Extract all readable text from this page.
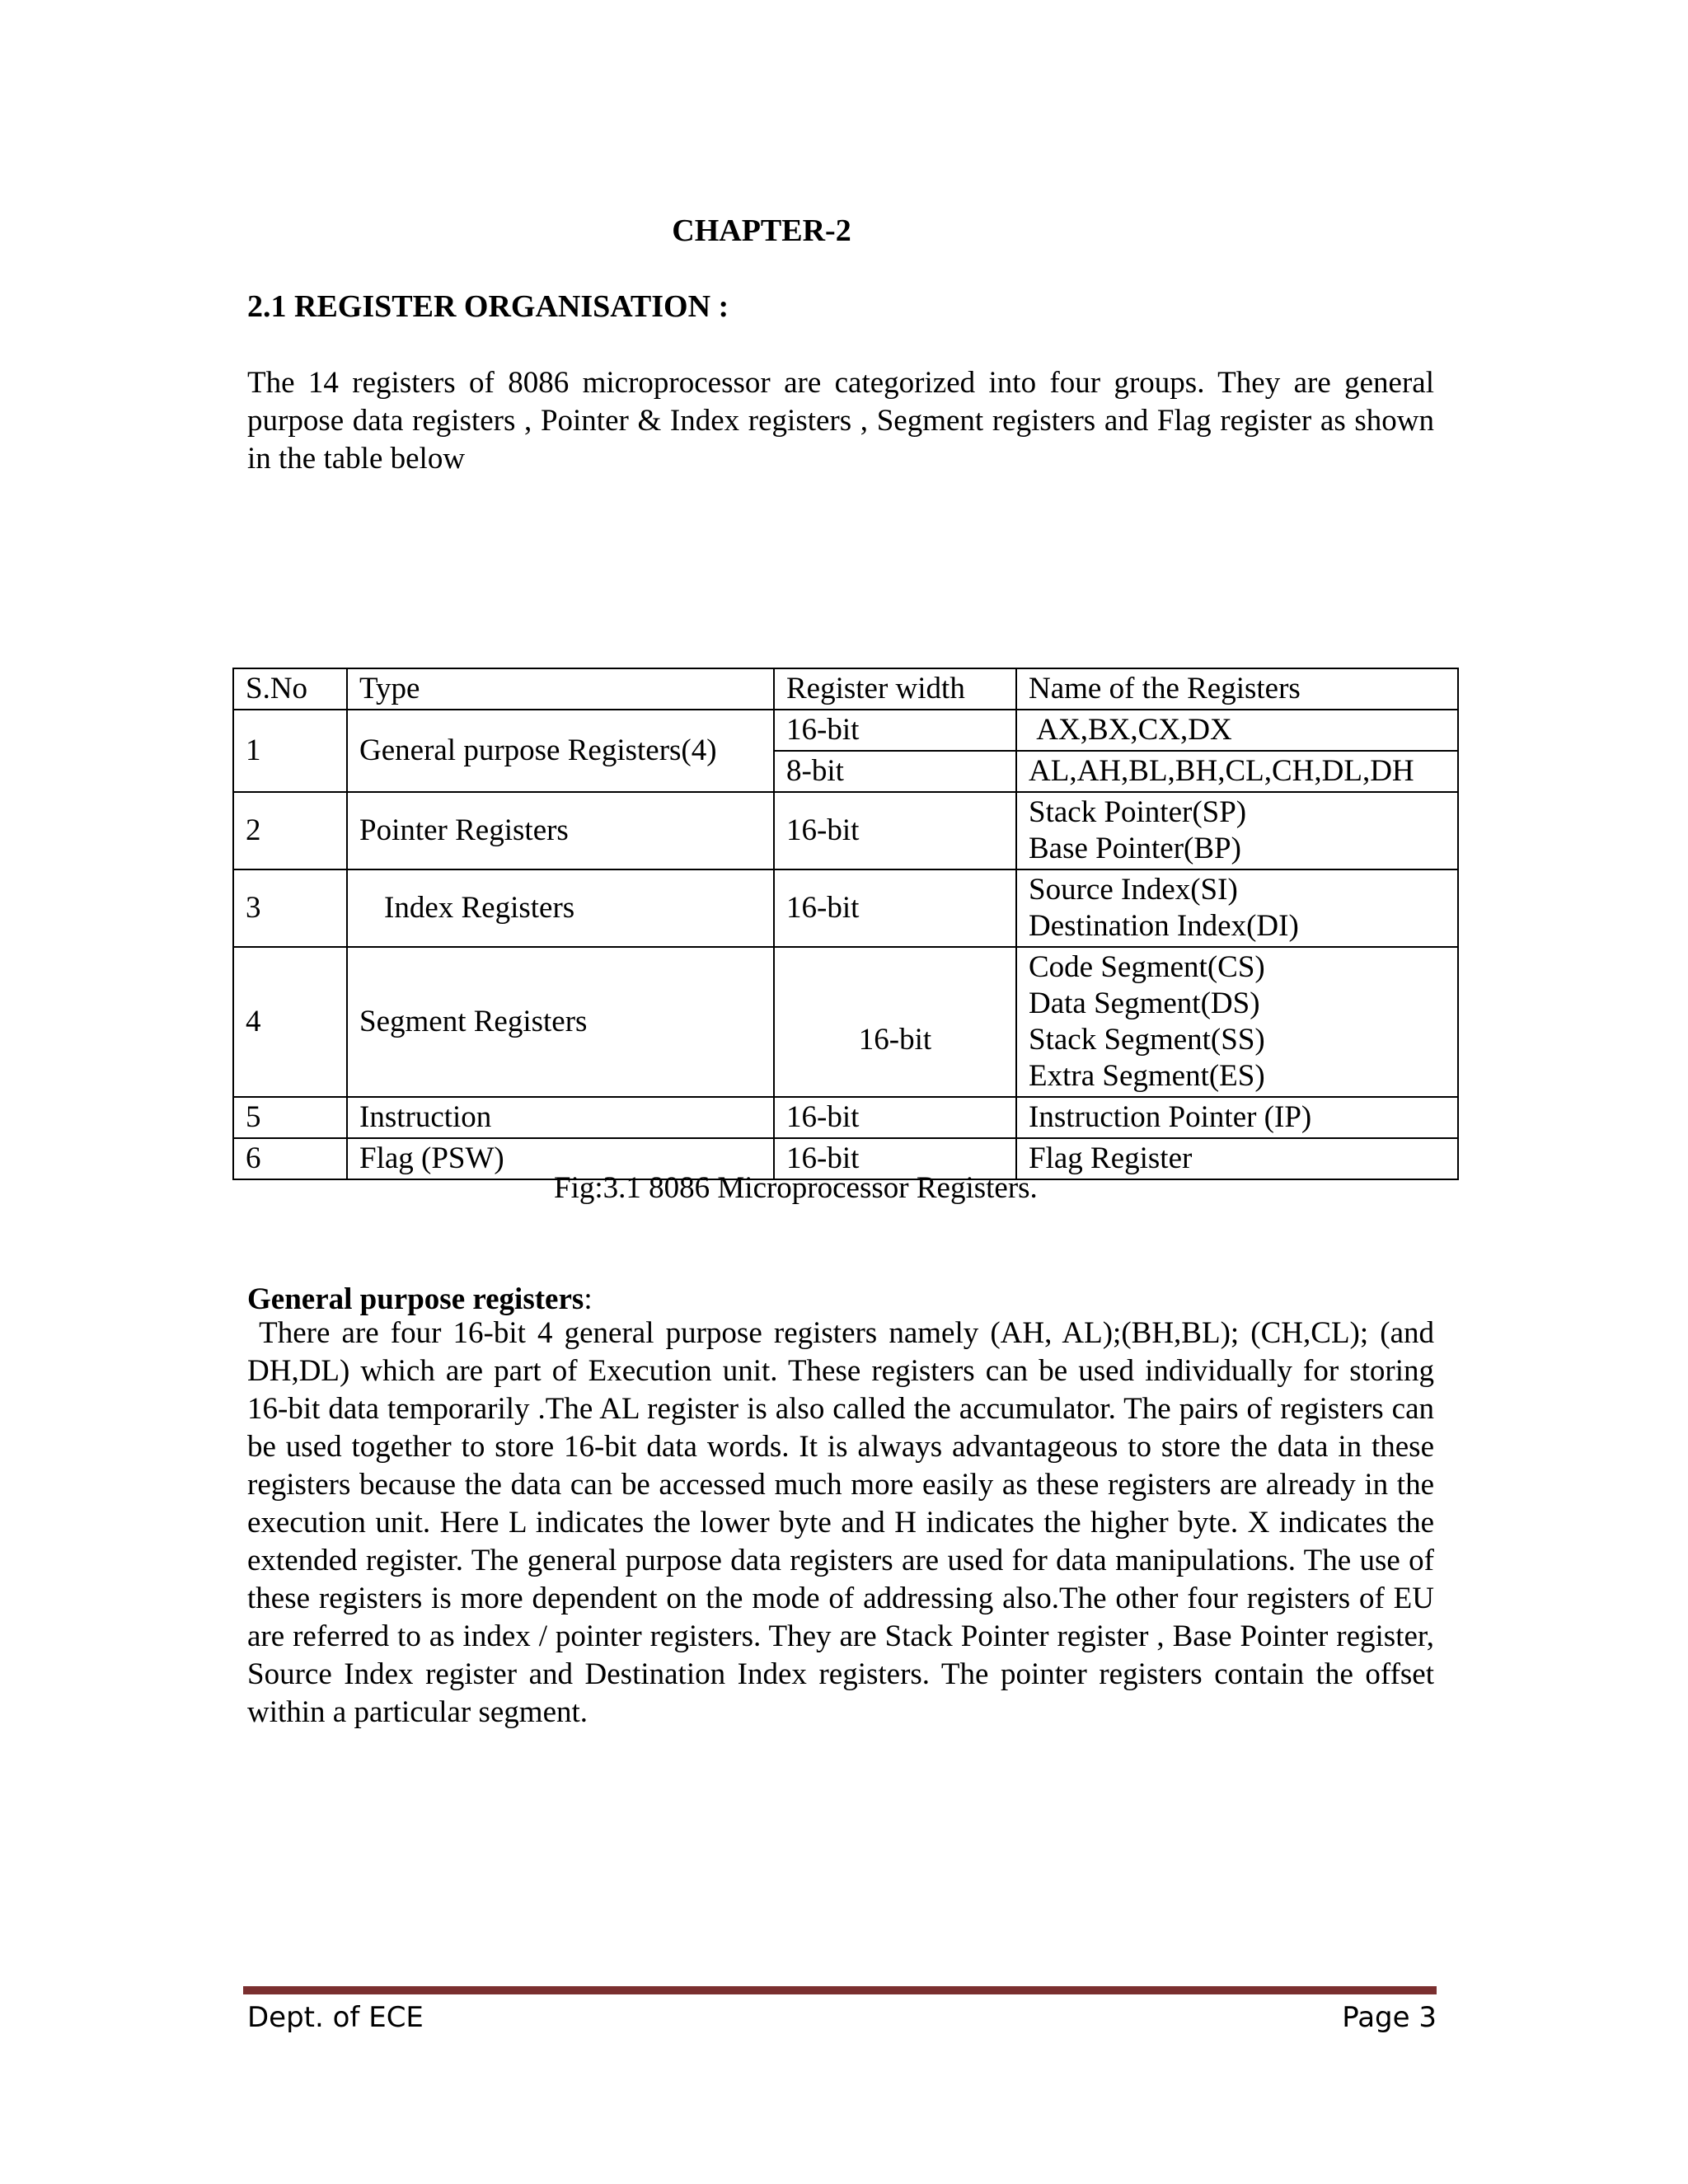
CHAPTER-2
2.1 REGISTER ORGANISATION :
The 14 registers of 8086 microprocessor are categorized into four groups. They are general purpose data registers , Pointer & Index registers , Segment registers and Flag register as shown in the table below
S.No	Type	Register width	Name of the Registers
1	General purpose Registers(4)	16-bit	AX,BX,CX,DX
		8-bit	AL,AH,BL,BH,CL,CH,DL,DH
2	Pointer Registers	16-bit	Stack Pointer(SP)
Base Pointer(BP)

3	Index Registers	16-bit	Source Index(SI)
Destination Index(DI)

4	Segment Registers	16-bit	Code Segment(CS)
Data Segment(DS)
Stack Segment(SS)
Extra Segment(ES)

5	Instruction	16-bit	Instruction Pointer (IP)
6	Flag (PSW)	16-bit	Flag Register
Fig:3.1 8086 Microprocessor Registers.
General purpose registers:
There are four 16-bit 4 general purpose registers namely (AH, AL);(BH,BL); (CH,CL); (and DH,DL) which are part of Execution unit. These registers can be used individually for storing 16-bit data temporarily .The AL register is also called the accumulator. The pairs of registers can be used together to store 16-bit data words. It is always advantageous to store the data in these registers because the data can be accessed much more easily as these registers are already in the execution unit. Here L indicates the lower byte and H indicates the higher byte. X indicates the extended register. The general purpose data registers are used for data manipulations. The use of these registers is more dependent on the mode of addressing also.The other four registers of EU are referred to as index / pointer registers. They are Stack Pointer register , Base Pointer register, Source Index register and Destination Index registers. The pointer registers contain the offset within a particular segment.
Dept. of ECE	Page 3
